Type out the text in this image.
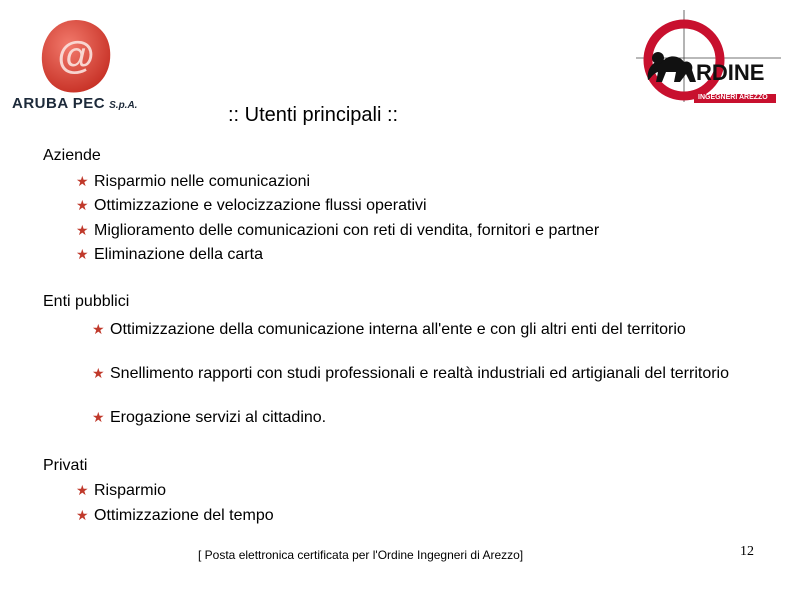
@
ARUBA PEC S.p.A.
RDINE
INGEGNERI AREZZO
:: Utenti principali ::
Aziende
★ Risparmio nelle comunicazioni
★ Ottimizzazione e velocizzazione flussi operativi
★ Miglioramento delle comunicazioni con reti di vendita, fornitori e partner
★ Eliminazione della carta
Enti pubblici
★ Ottimizzazione della comunicazione interna all'ente e con gli altri enti del territorio
★ Snellimento rapporti con studi professionali e realtà industriali ed artigianali del territorio
★ Erogazione servizi al cittadino.
Privati
★ Risparmio
★ Ottimizzazione del tempo
[ Posta elettronica certificata per l'Ordine Ingegneri di Arezzo]	12
